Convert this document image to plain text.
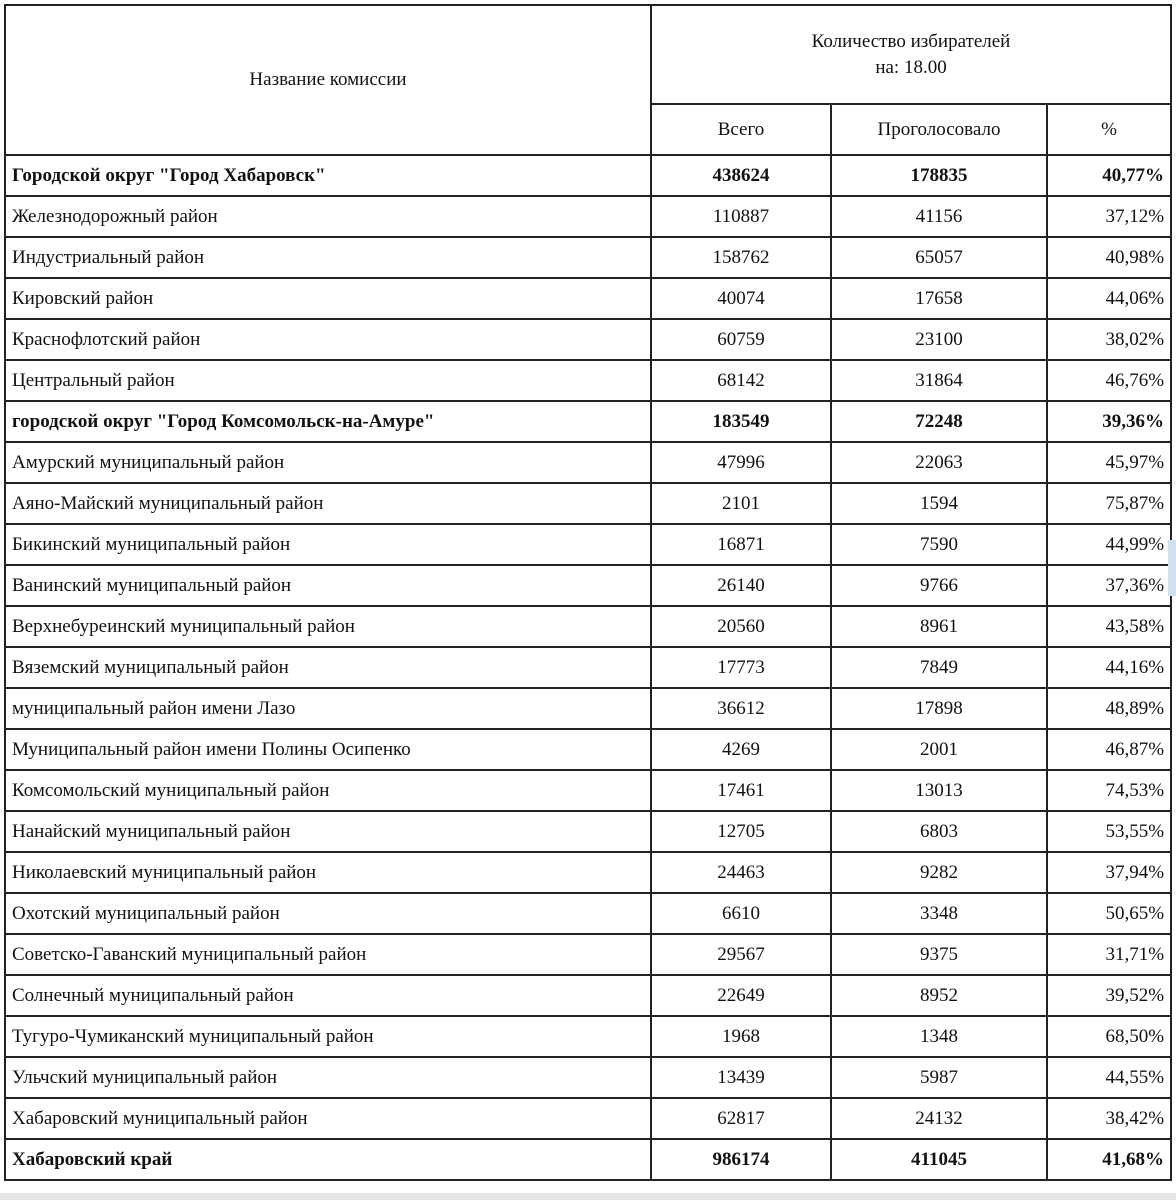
Название комиссии	Количество избирателей
на: 18.00		

	Всего	Проголосовало	%
Городской округ "Город Хабаровск"	438624	178835	40,77%
Железнодорожный район	110887	41156	37,12%
Индустриальный район	158762	65057	40,98%
Кировский район	40074	17658	44,06%
Краснофлотский район	60759	23100	38,02%
Центральный район	68142	31864	46,76%
городской округ "Город Комсомольск-на-Амуре"	183549	72248	39,36%
Амурский муниципальный район	47996	22063	45,97%
Аяно-Майский муниципальный район	2101	1594	75,87%
Бикинский муниципальный район	16871	7590	44,99%
Ванинский муниципальный район	26140	9766	37,36%
Верхнебуреинский муниципальный район	20560	8961	43,58%
Вяземский муниципальный район	17773	7849	44,16%
муниципальный район имени Лазо	36612	17898	48,89%
Муниципальный район имени Полины Осипенко	4269	2001	46,87%
Комсомольский муниципальный район	17461	13013	74,53%
Нанайский муниципальный район	12705	6803	53,55%
Николаевский муниципальный район	24463	9282	37,94%
Охотский муниципальный район	6610	3348	50,65%
Советско-Гаванский муниципальный район	29567	9375	31,71%
Солнечный муниципальный район	22649	8952	39,52%
Тугуро-Чумиканский муниципальный район	1968	1348	68,50%
Ульчский муниципальный район	13439	5987	44,55%
Хабаровский муниципальный район	62817	24132	38,42%
Хабаровский край	986174	411045	41,68%
